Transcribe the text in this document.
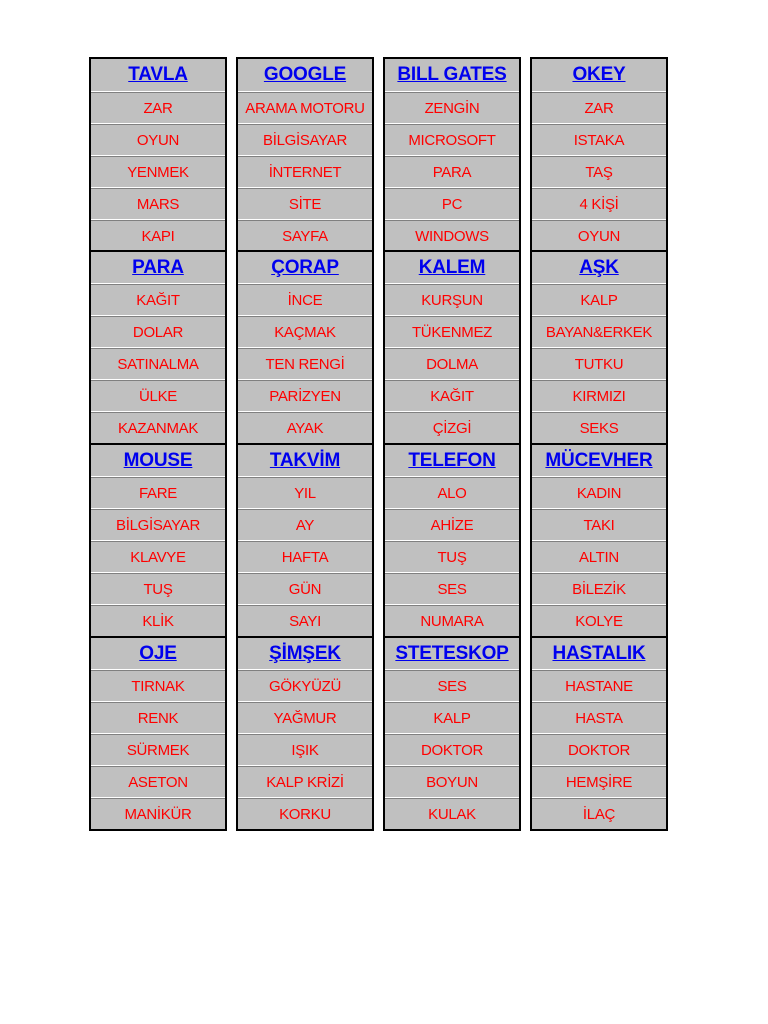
TAVLA
ZAR
OYUN
YENMEK
MARS
KAPI
PARA
KAĞIT
DOLAR
SATINALMA
ÜLKE
KAZANMAK
MOUSE
FARE
BİLGİSAYAR
KLAVYE
TUŞ
KLİK
OJE
TIRNAK
RENK
SÜRMEK
ASETON
MANİKÜR
GOOGLE
ARAMA MOTORU
BİLGİSAYAR
İNTERNET
SİTE
SAYFA
ÇORAP
İNCE
KAÇMAK
TEN RENGİ
PARİZYEN
AYAK
TAKVİM
YIL
AY
HAFTA
GÜN
SAYI
ŞİMŞEK
GÖKYÜZÜ
YAĞMUR
IŞIK
KALP KRİZİ
KORKU
BILL GATES
ZENGİN
MICROSOFT
PARA
PC
WINDOWS
KALEM
KURŞUN
TÜKENMEZ
DOLMA
KAĞIT
ÇİZGİ
TELEFON
ALO
AHİZE
TUŞ
SES
NUMARA
STETESKOP
SES
KALP
DOKTOR
BOYUN
KULAK
OKEY
ZAR
ISTAKA
TAŞ
4 KİŞİ
OYUN
AŞK
KALP
BAYAN&ERKEK
TUTKU
KIRMIZI
SEKS
MÜCEVHER
KADIN
TAKI
ALTIN
BİLEZİK
KOLYE
HASTALIK
HASTANE
HASTA
DOKTOR
HEMŞİRE
İLAÇ
